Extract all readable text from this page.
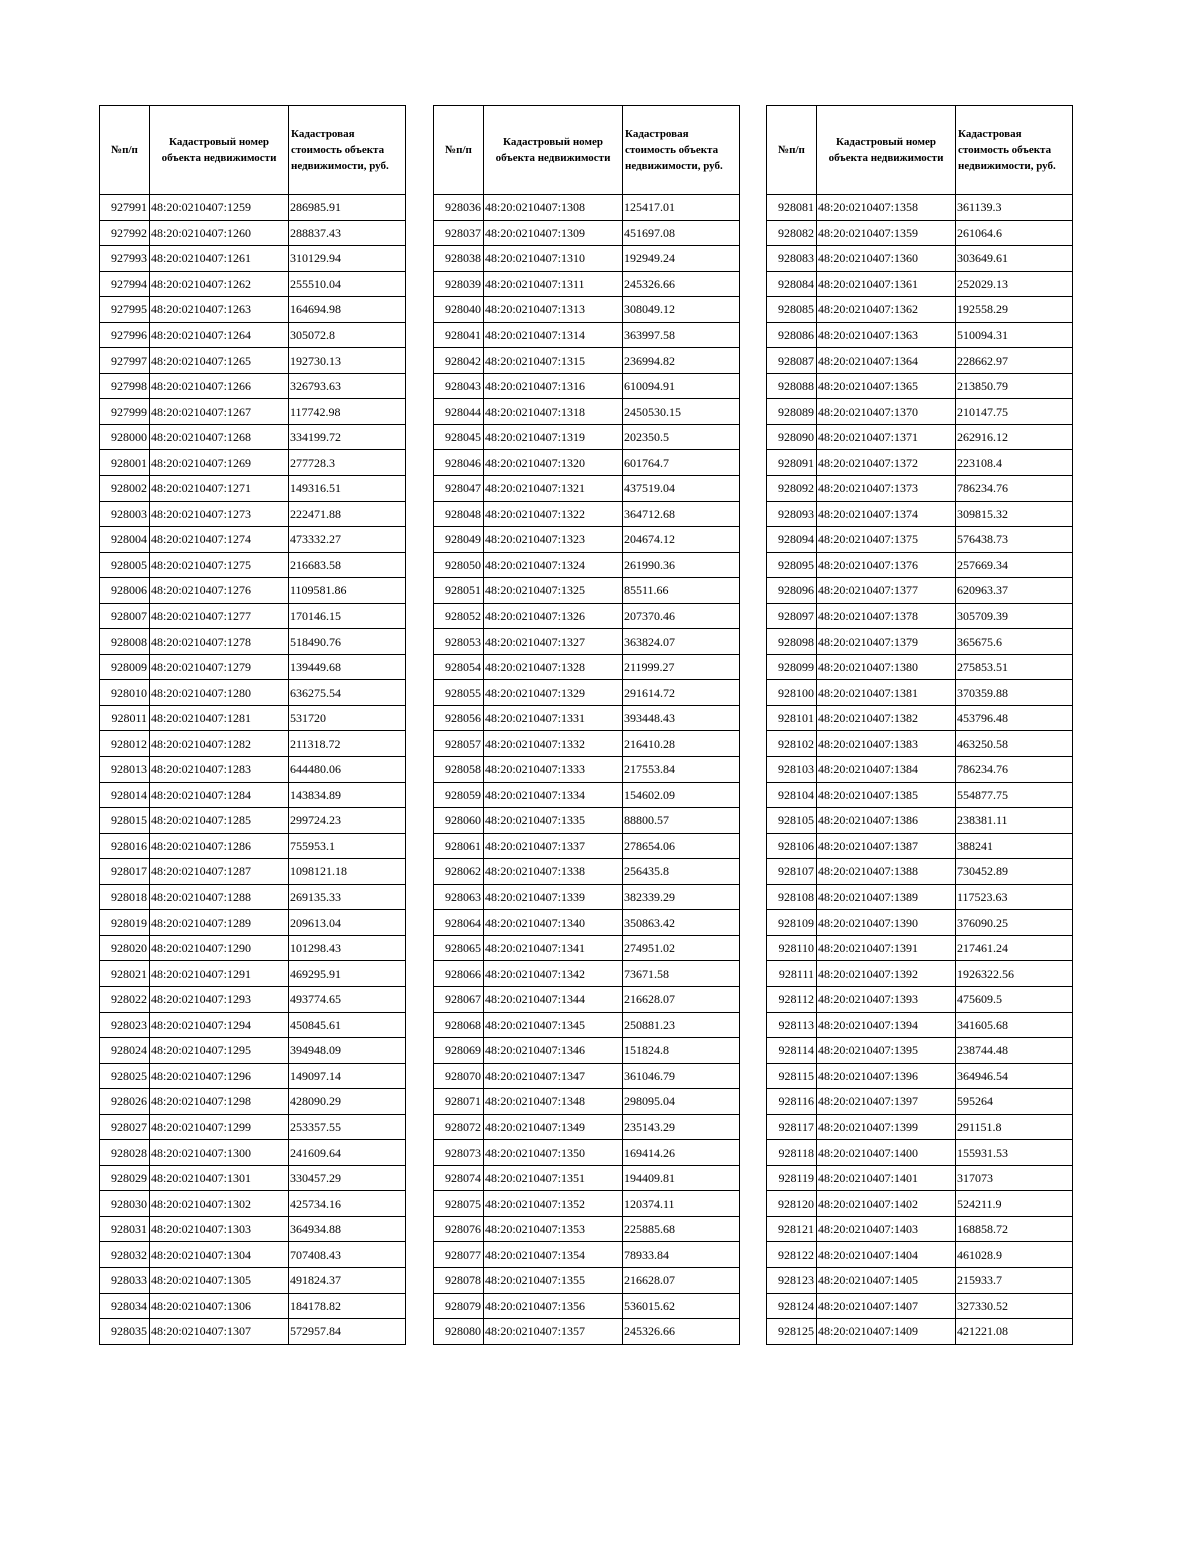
№п/п	Кадастровый номер объекта недвижимости	Кадастровая стоимость объекта недвижимости, руб.
927991	48:20:0210407:1259	286985.91
927992	48:20:0210407:1260	288837.43
927993	48:20:0210407:1261	310129.94
927994	48:20:0210407:1262	255510.04
927995	48:20:0210407:1263	164694.98
927996	48:20:0210407:1264	305072.8
927997	48:20:0210407:1265	192730.13
927998	48:20:0210407:1266	326793.63
927999	48:20:0210407:1267	117742.98
928000	48:20:0210407:1268	334199.72
928001	48:20:0210407:1269	277728.3
928002	48:20:0210407:1271	149316.51
928003	48:20:0210407:1273	222471.88
928004	48:20:0210407:1274	473332.27
928005	48:20:0210407:1275	216683.58
928006	48:20:0210407:1276	1109581.86
928007	48:20:0210407:1277	170146.15
928008	48:20:0210407:1278	518490.76
928009	48:20:0210407:1279	139449.68
928010	48:20:0210407:1280	636275.54
928011	48:20:0210407:1281	531720
928012	48:20:0210407:1282	211318.72
928013	48:20:0210407:1283	644480.06
928014	48:20:0210407:1284	143834.89
928015	48:20:0210407:1285	299724.23
928016	48:20:0210407:1286	755953.1
928017	48:20:0210407:1287	1098121.18
928018	48:20:0210407:1288	269135.33
928019	48:20:0210407:1289	209613.04
928020	48:20:0210407:1290	101298.43
928021	48:20:0210407:1291	469295.91
928022	48:20:0210407:1293	493774.65
928023	48:20:0210407:1294	450845.61
928024	48:20:0210407:1295	394948.09
928025	48:20:0210407:1296	149097.14
928026	48:20:0210407:1298	428090.29
928027	48:20:0210407:1299	253357.55
928028	48:20:0210407:1300	241609.64
928029	48:20:0210407:1301	330457.29
928030	48:20:0210407:1302	425734.16
928031	48:20:0210407:1303	364934.88
928032	48:20:0210407:1304	707408.43
928033	48:20:0210407:1305	491824.37
928034	48:20:0210407:1306	184178.82
928035	48:20:0210407:1307	572957.84
№п/п	Кадастровый номер объекта недвижимости	Кадастровая стоимость объекта недвижимости, руб.
928036	48:20:0210407:1308	125417.01
928037	48:20:0210407:1309	451697.08
928038	48:20:0210407:1310	192949.24
928039	48:20:0210407:1311	245326.66
928040	48:20:0210407:1313	308049.12
928041	48:20:0210407:1314	363997.58
928042	48:20:0210407:1315	236994.82
928043	48:20:0210407:1316	610094.91
928044	48:20:0210407:1318	2450530.15
928045	48:20:0210407:1319	202350.5
928046	48:20:0210407:1320	601764.7
928047	48:20:0210407:1321	437519.04
928048	48:20:0210407:1322	364712.68
928049	48:20:0210407:1323	204674.12
928050	48:20:0210407:1324	261990.36
928051	48:20:0210407:1325	85511.66
928052	48:20:0210407:1326	207370.46
928053	48:20:0210407:1327	363824.07
928054	48:20:0210407:1328	211999.27
928055	48:20:0210407:1329	291614.72
928056	48:20:0210407:1331	393448.43
928057	48:20:0210407:1332	216410.28
928058	48:20:0210407:1333	217553.84
928059	48:20:0210407:1334	154602.09
928060	48:20:0210407:1335	88800.57
928061	48:20:0210407:1337	278654.06
928062	48:20:0210407:1338	256435.8
928063	48:20:0210407:1339	382339.29
928064	48:20:0210407:1340	350863.42
928065	48:20:0210407:1341	274951.02
928066	48:20:0210407:1342	73671.58
928067	48:20:0210407:1344	216628.07
928068	48:20:0210407:1345	250881.23
928069	48:20:0210407:1346	151824.8
928070	48:20:0210407:1347	361046.79
928071	48:20:0210407:1348	298095.04
928072	48:20:0210407:1349	235143.29
928073	48:20:0210407:1350	169414.26
928074	48:20:0210407:1351	194409.81
928075	48:20:0210407:1352	120374.11
928076	48:20:0210407:1353	225885.68
928077	48:20:0210407:1354	78933.84
928078	48:20:0210407:1355	216628.07
928079	48:20:0210407:1356	536015.62
928080	48:20:0210407:1357	245326.66
№п/п	Кадастровый номер объекта недвижимости	Кадастровая стоимость объекта недвижимости, руб.
928081	48:20:0210407:1358	361139.3
928082	48:20:0210407:1359	261064.6
928083	48:20:0210407:1360	303649.61
928084	48:20:0210407:1361	252029.13
928085	48:20:0210407:1362	192558.29
928086	48:20:0210407:1363	510094.31
928087	48:20:0210407:1364	228662.97
928088	48:20:0210407:1365	213850.79
928089	48:20:0210407:1370	210147.75
928090	48:20:0210407:1371	262916.12
928091	48:20:0210407:1372	223108.4
928092	48:20:0210407:1373	786234.76
928093	48:20:0210407:1374	309815.32
928094	48:20:0210407:1375	576438.73
928095	48:20:0210407:1376	257669.34
928096	48:20:0210407:1377	620963.37
928097	48:20:0210407:1378	305709.39
928098	48:20:0210407:1379	365675.6
928099	48:20:0210407:1380	275853.51
928100	48:20:0210407:1381	370359.88
928101	48:20:0210407:1382	453796.48
928102	48:20:0210407:1383	463250.58
928103	48:20:0210407:1384	786234.76
928104	48:20:0210407:1385	554877.75
928105	48:20:0210407:1386	238381.11
928106	48:20:0210407:1387	388241
928107	48:20:0210407:1388	730452.89
928108	48:20:0210407:1389	117523.63
928109	48:20:0210407:1390	376090.25
928110	48:20:0210407:1391	217461.24
928111	48:20:0210407:1392	1926322.56
928112	48:20:0210407:1393	475609.5
928113	48:20:0210407:1394	341605.68
928114	48:20:0210407:1395	238744.48
928115	48:20:0210407:1396	364946.54
928116	48:20:0210407:1397	595264
928117	48:20:0210407:1399	291151.8
928118	48:20:0210407:1400	155931.53
928119	48:20:0210407:1401	317073
928120	48:20:0210407:1402	524211.9
928121	48:20:0210407:1403	168858.72
928122	48:20:0210407:1404	461028.9
928123	48:20:0210407:1405	215933.7
928124	48:20:0210407:1407	327330.52
928125	48:20:0210407:1409	421221.08
